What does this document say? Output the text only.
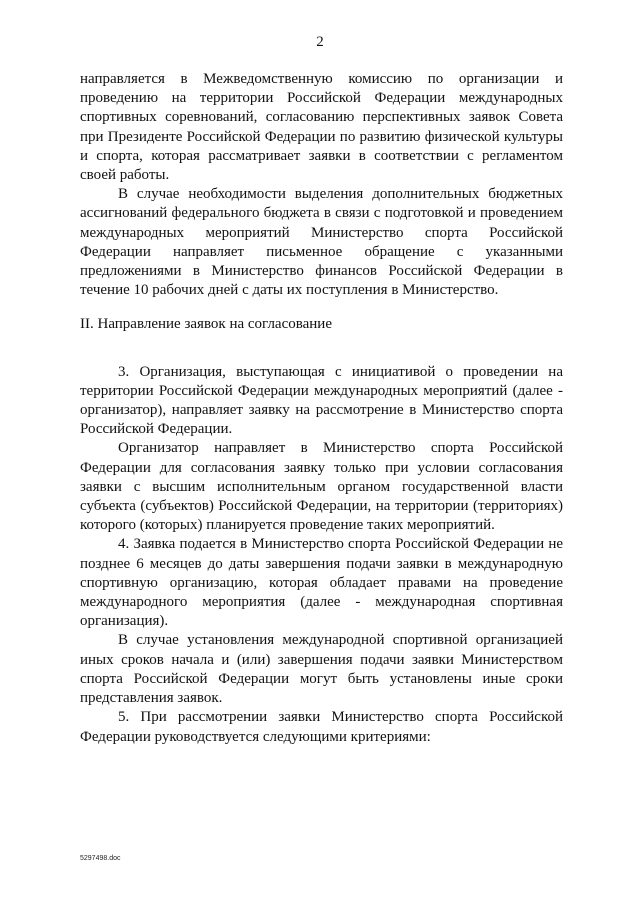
2

направляется в Межведомственную комиссию по организации и проведению на территории Российской Федерации международных спортивных соревнований, согласованию перспективных заявок Совета при Президенте Российской Федерации по развитию физической культуры и спорта, которая рассматривает заявки в соответствии с регламентом своей работы.

В случае необходимости выделения дополнительных бюджетных ассигнований федерального бюджета в связи с подготовкой и проведением международных мероприятий Министерство спорта Российской Федерации направляет письменное обращение с указанными предложениями в Министерство финансов Российской Федерации в течение 10 рабочих дней с даты их поступления в Министерство.

II. Направление заявок на согласование

3. Организация, выступающая с инициативой о проведении на территории Российской Федерации международных мероприятий (далее - организатор), направляет заявку на рассмотрение в Министерство спорта Российской Федерации.

Организатор направляет в Министерство спорта Российской Федерации для согласования заявку только при условии согласования заявки с высшим исполнительным органом государственной власти субъекта (субъектов) Российской Федерации, на территории (территориях) которого (которых) планируется проведение таких мероприятий.

4. Заявка подается в Министерство спорта Российской Федерации не позднее 6 месяцев до даты завершения подачи заявки в международную спортивную организацию, которая обладает правами на проведение международного мероприятия (далее - международная спортивная организация).

В случае установления международной спортивной организацией иных сроков начала и (или) завершения подачи заявки Министерством спорта Российской Федерации могут быть установлены иные сроки представления заявок.

5. При рассмотрении заявки Министерство спорта Российской Федерации руководствуется следующими критериями:

5297498.doc
